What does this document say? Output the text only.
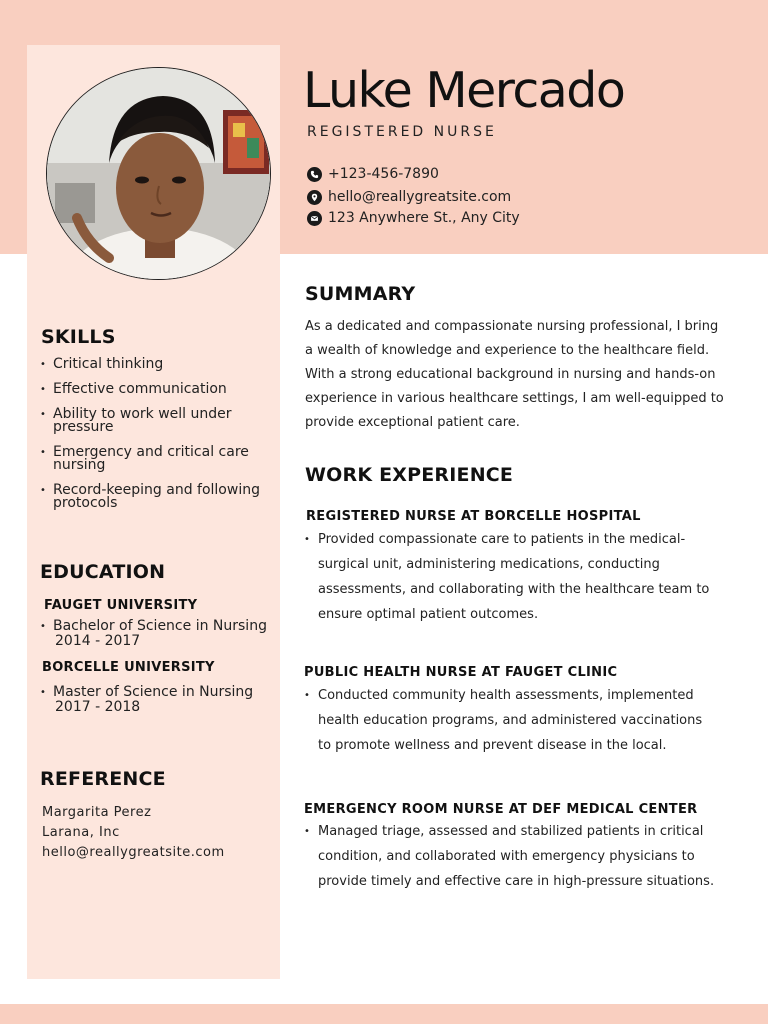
Luke Mercado
REGISTERED NURSE
+123-456-7890
hello@reallygreatsite.com
123 Anywhere St., Any City
SKILLS
• Critical thinking
• Effective communication
• Ability to work well under pressure
• Emergency and critical care nursing
• Record-keeping and following protocols
EDUCATION
FAUGET UNIVERSITY
• Bachelor of Science in Nursing
2014 - 2017
BORCELLE UNIVERSITY
• Master of Science in Nursing
2017 - 2018
REFERENCE
Margarita Perez
Larana, Inc
hello@reallygreatsite.com
SUMMARY
As a dedicated and compassionate nursing professional, I bring a wealth of knowledge and experience to the healthcare field. With a strong educational background in nursing and hands-on experience in various healthcare settings, I am well-equipped to provide exceptional patient care.
WORK EXPERIENCE
REGISTERED NURSE AT BORCELLE HOSPITAL
• Provided compassionate care to patients in the medical-surgical unit, administering medications, conducting assessments, and collaborating with the healthcare team to ensure optimal patient outcomes.
PUBLIC HEALTH NURSE AT FAUGET CLINIC
• Conducted community health assessments, implemented health education programs, and administered vaccinations to promote wellness and prevent disease in the local.
EMERGENCY ROOM NURSE AT DEF MEDICAL CENTER
• Managed triage, assessed and stabilized patients in critical condition, and collaborated with emergency physicians to provide timely and effective care in high-pressure situations.
